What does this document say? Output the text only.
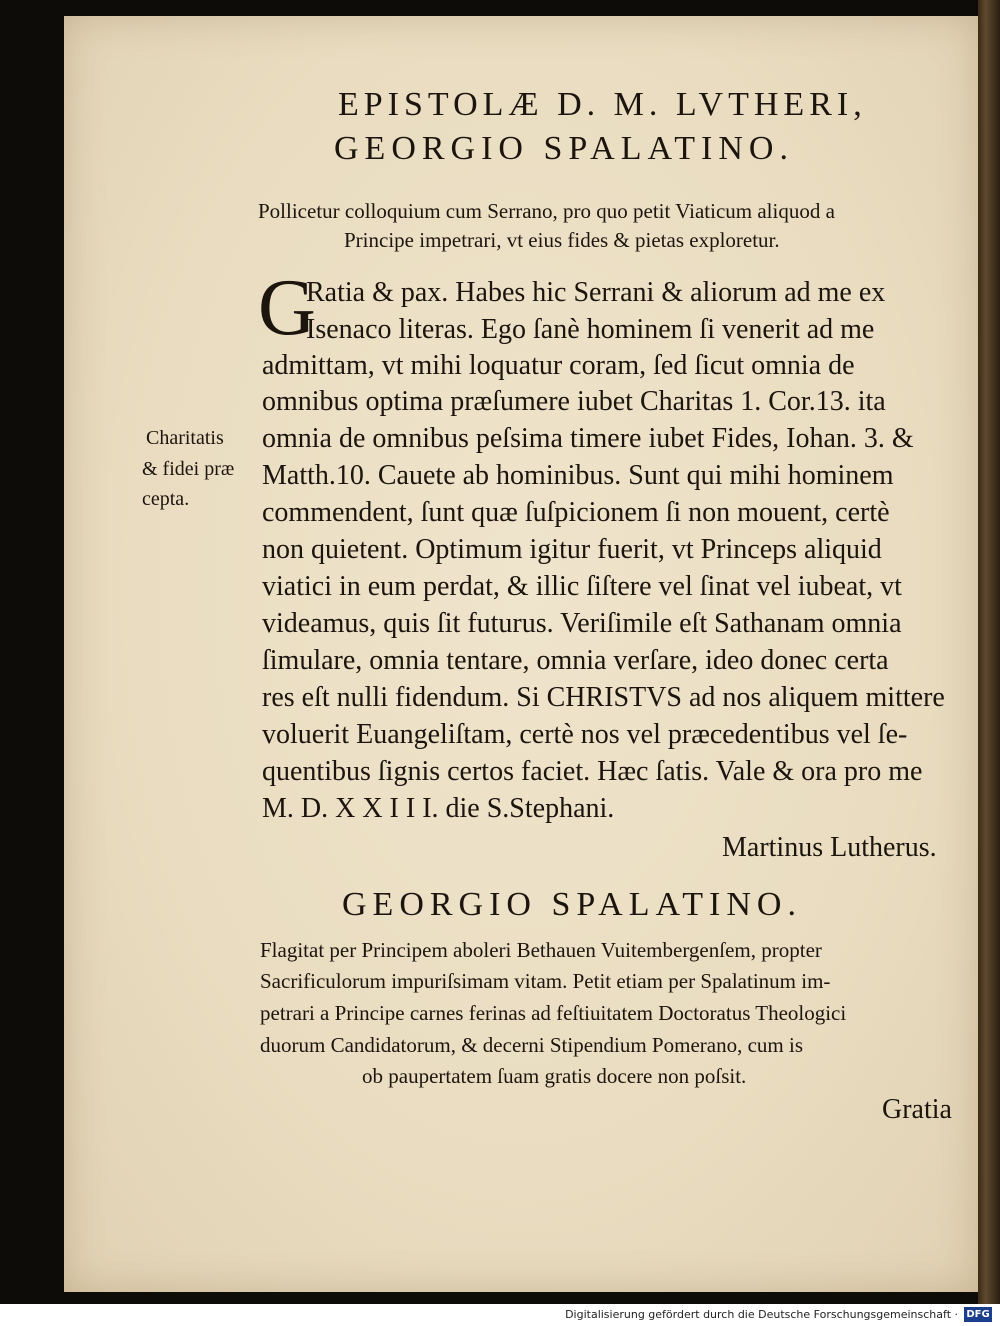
EPISTOLÆ D. M. LVTHERI,
GEORGIO SPALATINO.
Pollicetur colloquium cum Serrano, pro quo petit Viaticum aliquod a
Principe impetrari, vt eius fides & pietas exploretur.
G
Ratia & pax. Habes hic Serrani & aliorum ad me ex
Isenaco literas. Ego ſanè hominem ſi venerit ad me
admittam, vt mihi loquatur coram, ſed ſicut omnia de
omnibus optima præſumere iubet Charitas 1. Cor.13. ita
omnia de omnibus peſsima timere iubet Fides, Iohan. 3. &
Matth.10. Cauete ab hominibus. Sunt qui mihi hominem
commendent, ſunt quæ ſuſpicionem ſi non mouent, certè
non quietent. Optimum igitur fuerit, vt Princeps aliquid
viatici in eum perdat, & illic ſiſtere vel ſinat vel iubeat, vt
videamus, quis ſit futurus. Veriſimile eſt Sathanam omnia
ſimulare, omnia tentare, omnia verſare, ideo donec certa
res eſt nulli fidendum. Si CHRISTVS ad nos aliquem mittere
voluerit Euangeliſtam, certè nos vel præcedentibus vel ſe-
quentibus ſignis certos faciet. Hæc ſatis. Vale & ora pro me
M. D. X X I I I. die S.Stephani.
Charitatis
& fidei præ
cepta.
Martinus Lutherus.
GEORGIO SPALATINO.
Flagitat per Principem aboleri Bethauen Vuitembergenſem, propter
Sacrificulorum impuriſsimam vitam. Petit etiam per Spalatinum im-
petrari a Principe carnes ferinas ad feſtiuitatem Doctoratus Theologici
duorum Candidatorum, & decerni Stipendium Pomerano, cum is
ob paupertatem ſuam gratis docere non poſsit.
Gratia
Digitalisierung gefördert durch die Deutsche Forschungsgemeinschaft · DFG
